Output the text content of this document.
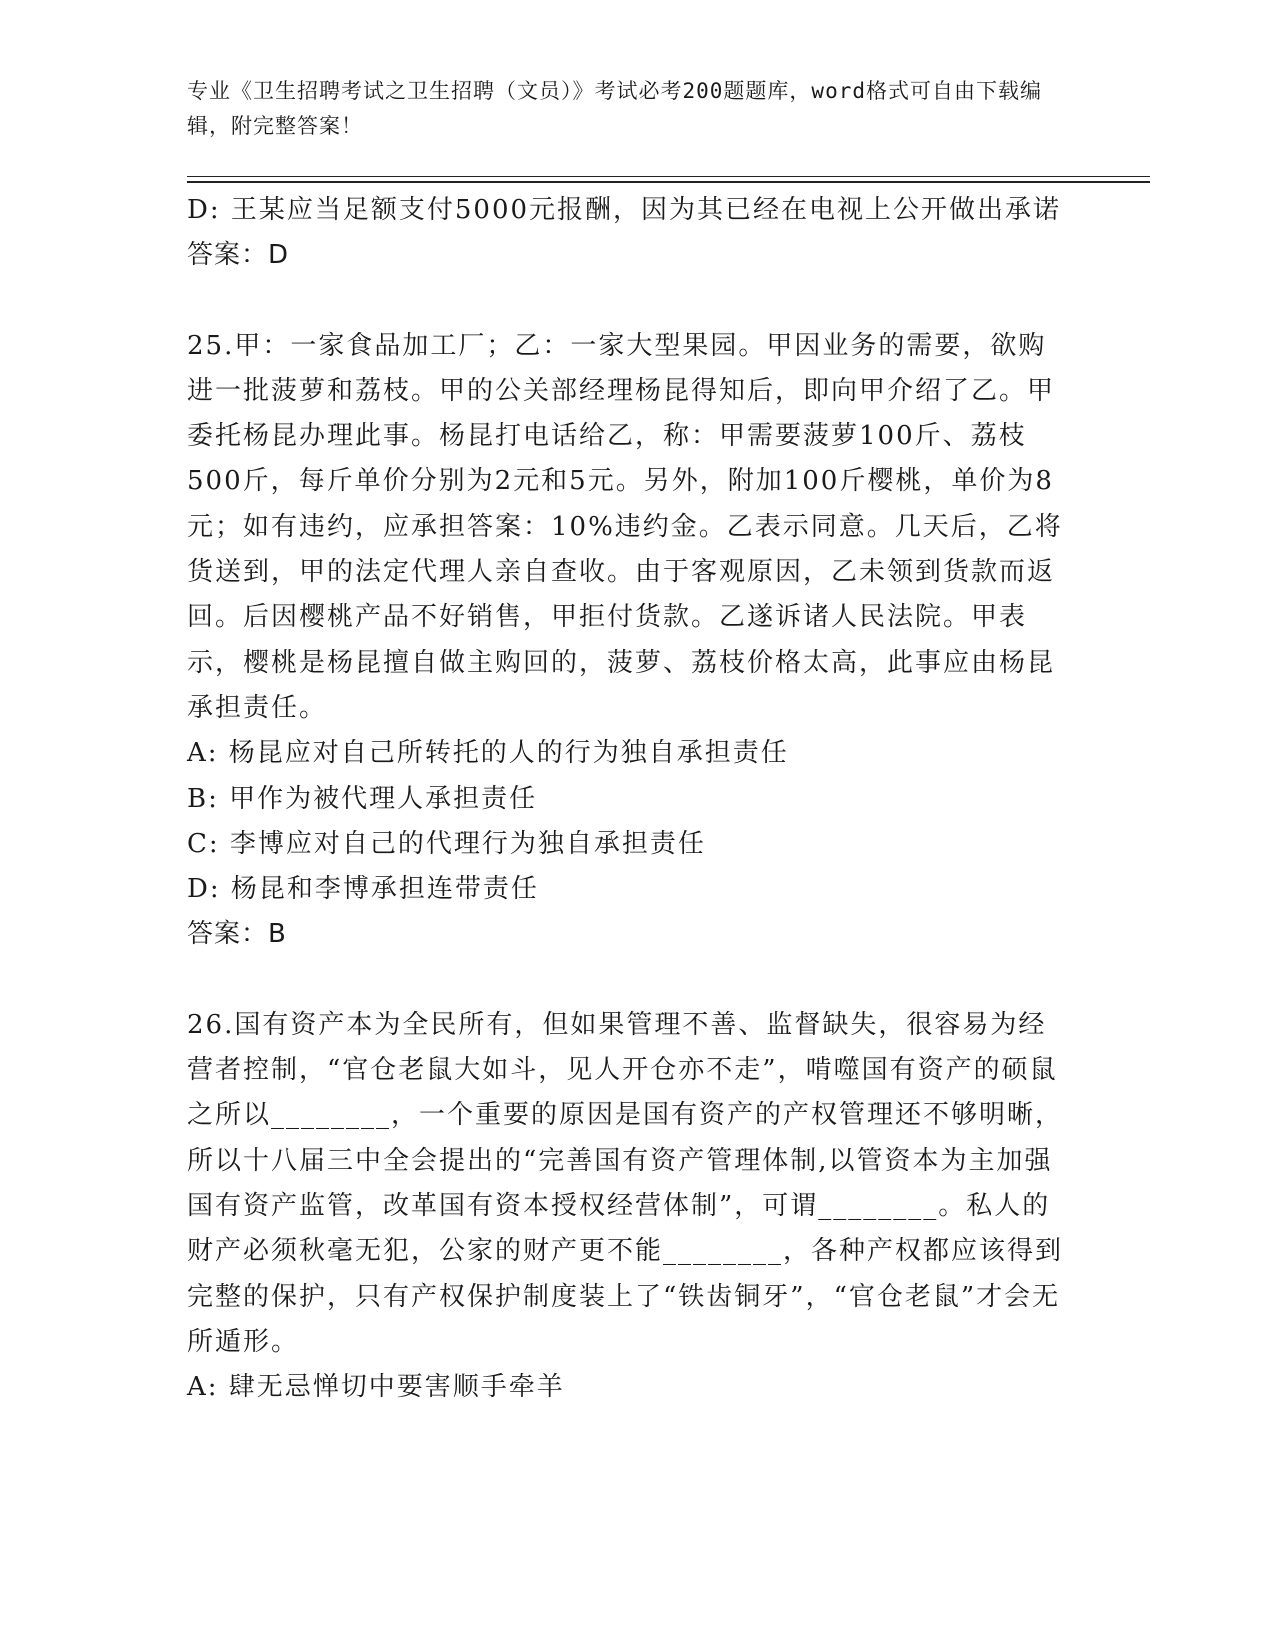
专业《卫生招聘考试之卫生招聘（文员）》考试必考200题题库，word格式可自由下载编辑，附完整答案！

D: 王某应当足额支付5000元报酬，因为其已经在电视上公开做出承诺

答案：D

25.甲：一家食品加工厂；乙：一家大型果园。甲因业务的需要，欲购进一批菠萝和荔枝。甲的公关部经理杨昆得知后，即向甲介绍了乙。甲委托杨昆办理此事。杨昆打电话给乙，称：甲需要菠萝100斤、荔枝500斤，每斤单价分别为2元和5元。另外，附加100斤樱桃，单价为8元；如有违约，应承担答案：10%违约金。乙表示同意。几天后，乙将货送到，甲的法定代理人亲自查收。由于客观原因，乙未领到货款而返回。后因樱桃产品不好销售，甲拒付货款。乙遂诉诸人民法院。甲表示，樱桃是杨昆擅自做主购回的，菠萝、荔枝价格太高，此事应由杨昆承担责任。

A: 杨昆应对自己所转托的人的行为独自承担责任

B: 甲作为被代理人承担责任

C: 李博应对自己的代理行为独自承担责任

D: 杨昆和李博承担连带责任

答案：B

26.国有资产本为全民所有，但如果管理不善、监督缺失，很容易为经营者控制，“官仓老鼠大如斗，见人开仓亦不走”，啃噬国有资产的硕鼠之所以________，一个重要的原因是国有资产的产权管理还不够明晰，所以十八届三中全会提出的“完善国有资产管理体制,以管资本为主加强国有资产监管，改革国有资本授权经营体制”，可谓________。私人的财产必须秋毫无犯，公家的财产更不能________，各种产权都应该得到完整的保护，只有产权保护制度装上了“铁齿铜牙”，“官仓老鼠”才会无所遁形。

A: 肆无忌惮切中要害顺手牵羊
